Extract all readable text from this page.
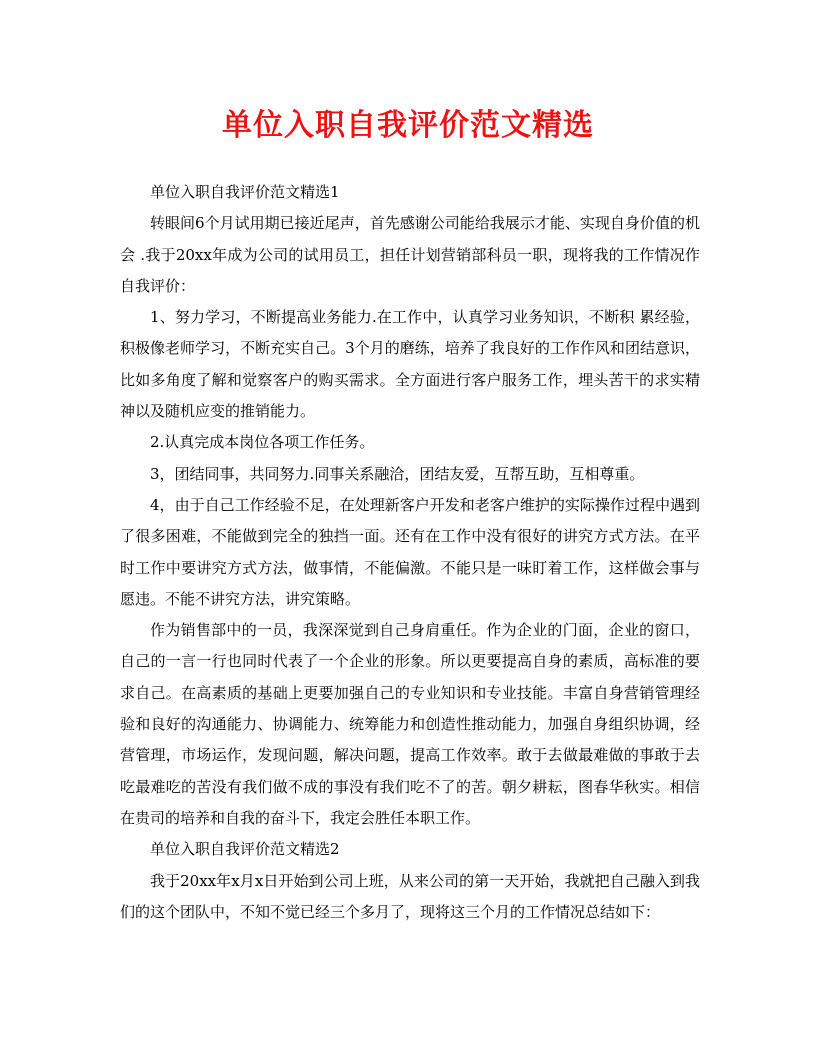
单位入职自我评价范文精选

单位入职自我评价范文精选1

转眼间6个月试用期已接近尾声，首先感谢公司能给我展示才能、实现自身价值的机会 .我于20xx年成为公司的试用员工，担任计划营销部科员一职，现将我的工作情况作自我评价：

1、努力学习，不断提高业务能力.在工作中，认真学习业务知识，不断积 累经验，积极像老师学习，不断充实自己。3个月的磨练，培养了我良好的工作作风和团结意识，比如多角度了解和觉察客户的购买需求。全方面进行客户服务工作，埋头苦干的求实精神以及随机应变的推销能力。

2.认真完成本岗位各项工作任务。

3，团结同事，共同努力.同事关系融洽，团结友爱，互帮互助，互相尊重。

4，由于自己工作经验不足，在处理新客户开发和老客户维护的实际操作过程中遇到了很多困难，不能做到完全的独挡一面。还有在工作中没有很好的讲究方式方法。在平时工作中要讲究方式方法，做事情，不能偏激。不能只是一味盯着工作，这样做会事与愿违。不能不讲究方法，讲究策略。

作为销售部中的一员，我深深觉到自己身肩重任。作为企业的门面，企业的窗口，自己的一言一行也同时代表了一个企业的形象。所以更要提高自身的素质，高标准的要求自己。在高素质的基础上更要加强自己的专业知识和专业技能。丰富自身营销管理经验和良好的沟通能力、协调能力、统筹能力和创造性推动能力，加强自身组织协调，经营管理，市场运作，发现问题，解决问题，提高工作效率。敢于去做最难做的事敢于去吃最难吃的苦没有我们做不成的事没有我们吃不了的苦。朝夕耕耘，图春华秋实。相信在贵司的培养和自我的奋斗下，我定会胜任本职工作。

单位入职自我评价范文精选2

我于20xx年x月x日开始到公司上班，从来公司的第一天开始，我就把自己融入到我们的这个团队中，不知不觉已经三个多月了，现将这三个月的工作情况总结如下：
